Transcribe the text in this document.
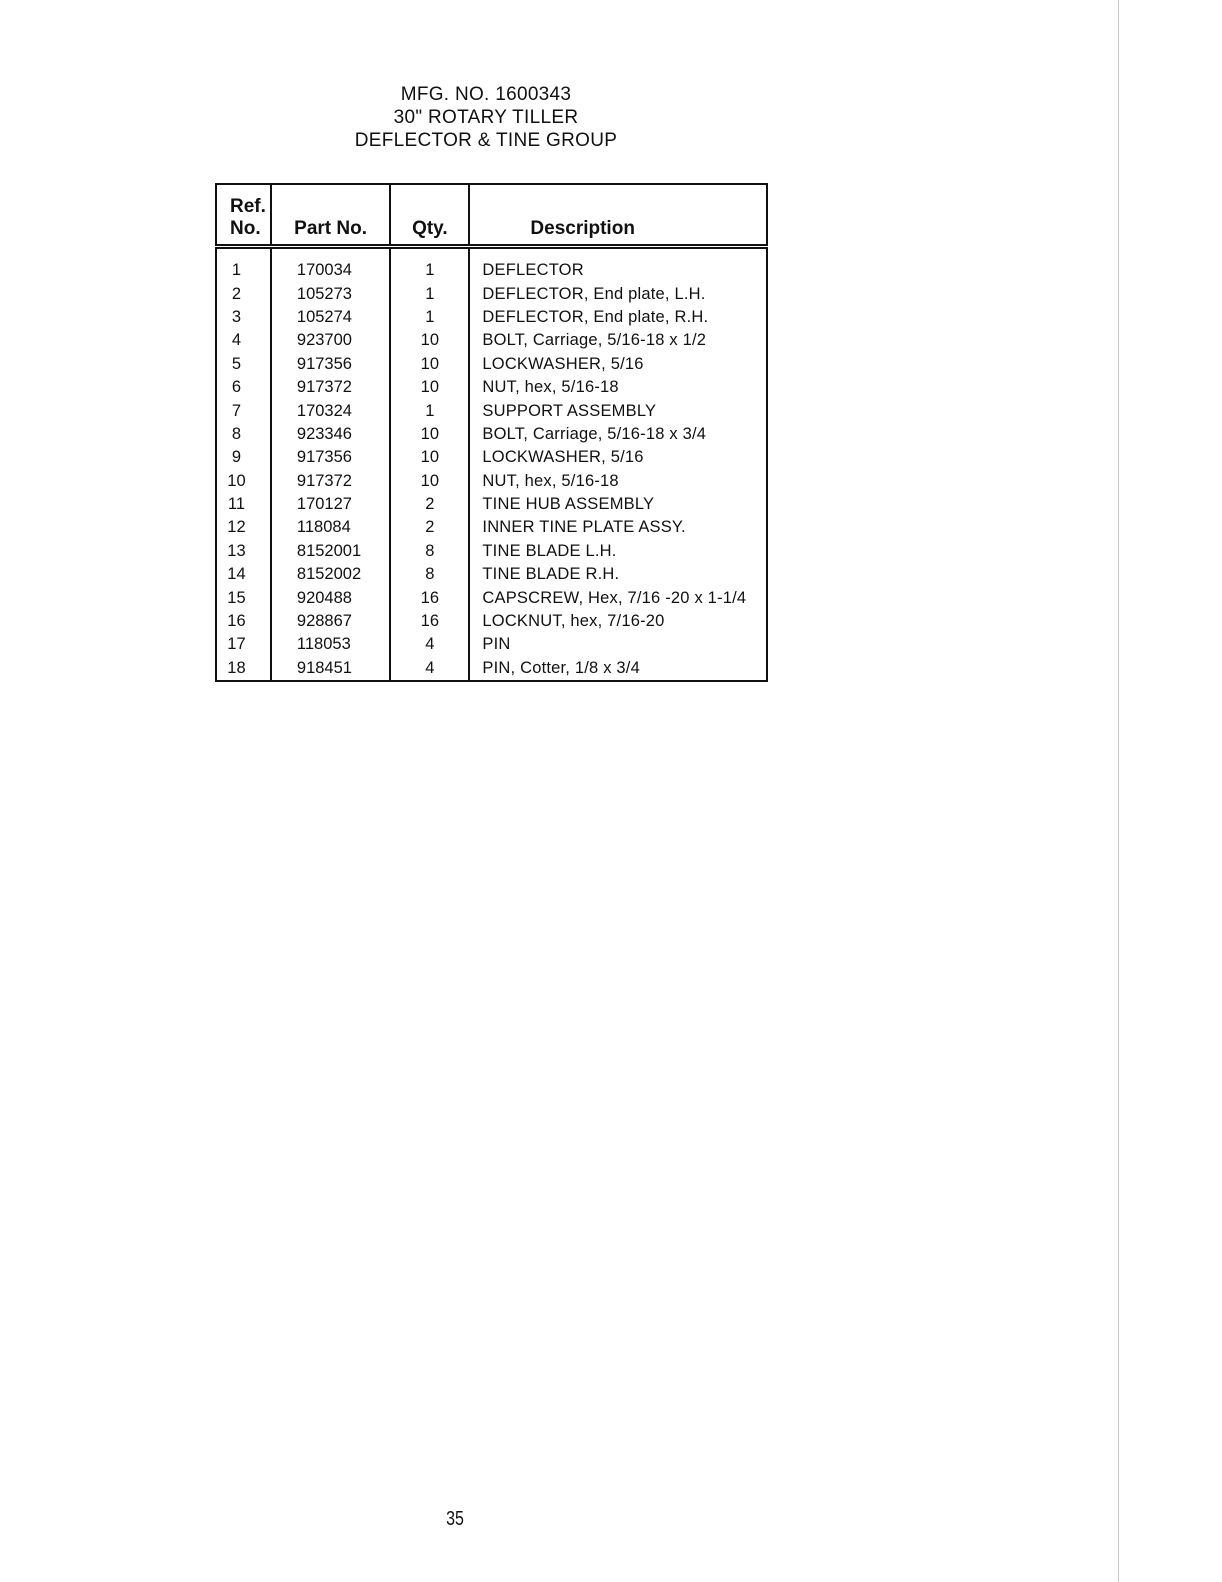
MFG. NO. 1600343
30" ROTARY TILLER
DEFLECTOR & TINE GROUP
Ref.
No.	Part No.	Qty.	Description

1	170034	1	DEFLECTOR
2	105273	1	DEFLECTOR, End plate, L.H.
3	105274	1	DEFLECTOR, End plate, R.H.
4	923700	10	BOLT, Carriage, 5/16-18 x 1/2
5	917356	10	LOCKWASHER, 5/16
6	917372	10	NUT, hex, 5/16-18
7	170324	1	SUPPORT ASSEMBLY
8	923346	10	BOLT, Carriage, 5/16-18 x 3/4
9	917356	10	LOCKWASHER, 5/16
10	917372	10	NUT, hex, 5/16-18
11	170127	2	TINE HUB ASSEMBLY
12	118084	2	INNER TINE PLATE ASSY.
13	8152001	8	TINE BLADE L.H.
14	8152002	8	TINE BLADE R.H.
15	920488	16	CAPSCREW, Hex, 7/16 -20 x 1-1/4
16	928867	16	LOCKNUT, hex, 7/16-20
17	118053	4	PIN
18	918451	4	PIN, Cotter, 1/8 x 3/4
35
